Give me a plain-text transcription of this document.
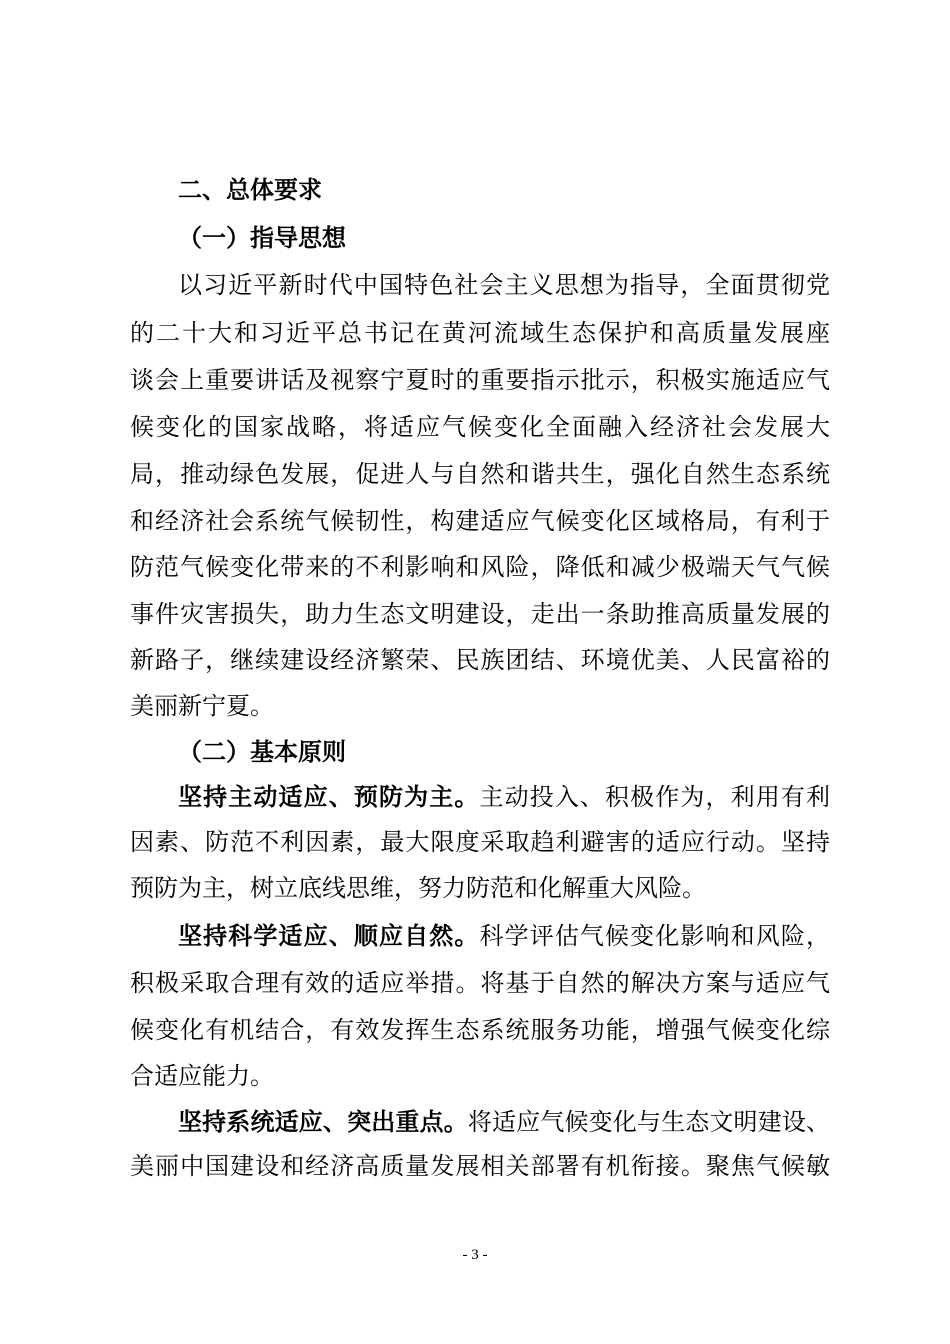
二、总体要求
（一）指导思想
以习近平新时代中国特色社会主义思想为指导，全面贯彻党
的二十大和习近平总书记在黄河流域生态保护和高质量发展座
谈会上重要讲话及视察宁夏时的重要指示批示，积极实施适应气
候变化的国家战略，将适应气候变化全面融入经济社会发展大
局，推动绿色发展，促进人与自然和谐共生，强化自然生态系统
和经济社会系统气候韧性，构建适应气候变化区域格局，有利于
防范气候变化带来的不利影响和风险，降低和减少极端天气气候
事件灾害损失，助力生态文明建设，走出一条助推高质量发展的
新路子，继续建设经济繁荣、民族团结、环境优美、人民富裕的
美丽新宁夏。
（二）基本原则
坚持主动适应、预防为主。主动投入、积极作为，利用有利
因素、防范不利因素，最大限度采取趋利避害的适应行动。坚持
预防为主，树立底线思维，努力防范和化解重大风险。
坚持科学适应、顺应自然。科学评估气候变化影响和风险，
积极采取合理有效的适应举措。将基于自然的解决方案与适应气
候变化有机结合，有效发挥生态系统服务功能，增强气候变化综
合适应能力。
坚持系统适应、突出重点。将适应气候变化与生态文明建设、
美丽中国建设和经济高质量发展相关部署有机衔接。聚焦气候敏
- 3 -
